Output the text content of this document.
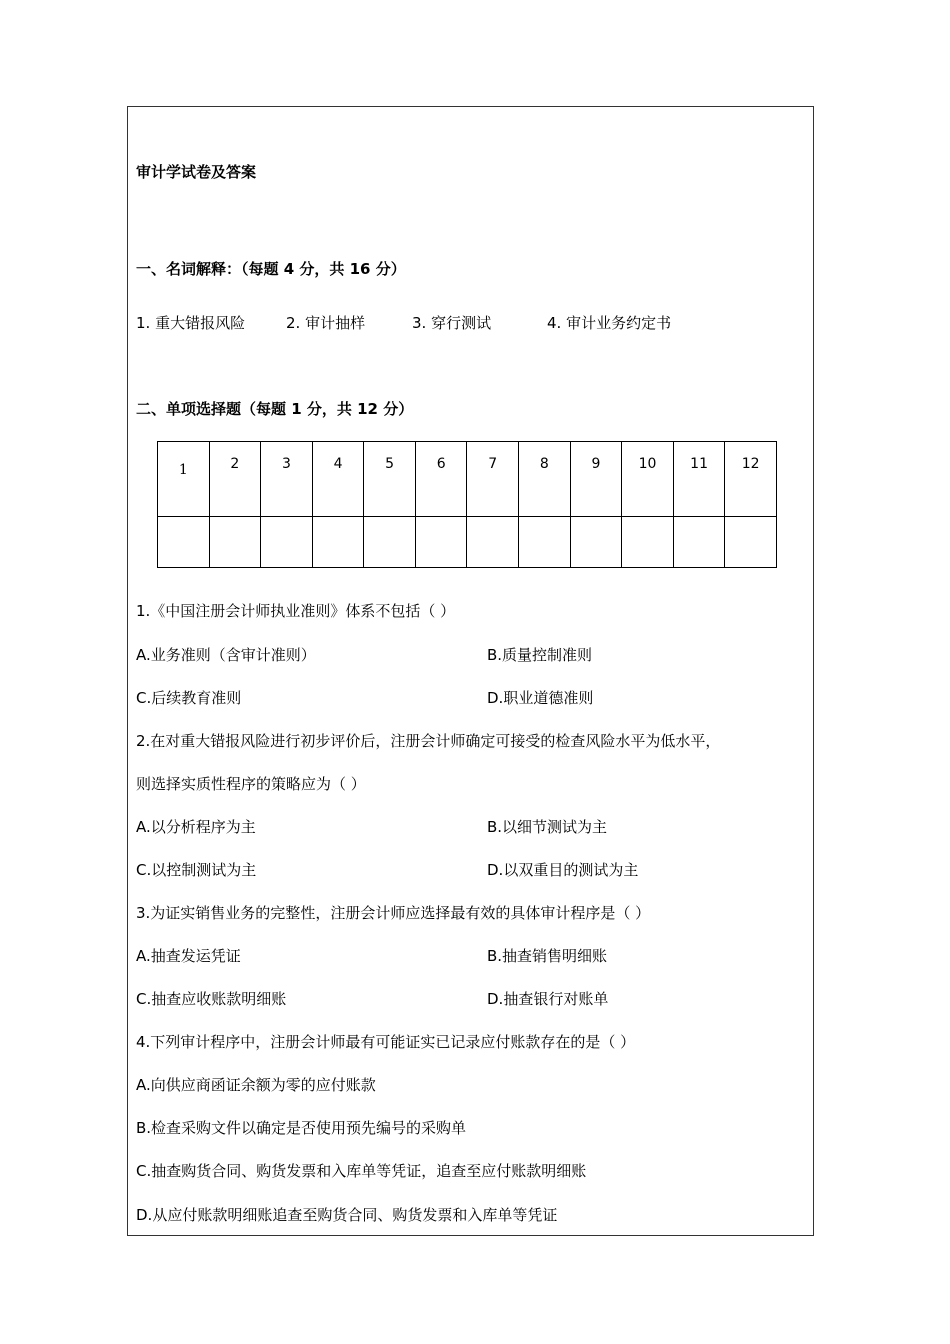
审计学试卷及答案
一、名词解释：（每题 4 分，共 16 分）
1. 重大错报风险	2. 审计抽样	3. 穿行测试	4. 审计业务约定书
二、单项选择题（每题 1 分，共 12 分）
1	2	3	4	5	6	7	8	9	10	11	12

1.《中国注册会计师执业准则》体系不包括（ ）
A.业务准则（含审计准则）	B.质量控制准则
C.后续教育准则	D.职业道德准则
2.在对重大错报风险进行初步评价后，注册会计师确定可接受的检查风险水平为低水平，
则选择实质性程序的策略应为（ ）
A.以分析程序为主	B.以细节测试为主
C.以控制测试为主	D.以双重目的测试为主
3.为证实销售业务的完整性，注册会计师应选择最有效的具体审计程序是（ ）
A.抽查发运凭证	B.抽查销售明细账
C.抽查应收账款明细账	D.抽查银行对账单
4.下列审计程序中，注册会计师最有可能证实已记录应付账款存在的是（ ）
A.向供应商函证余额为零的应付账款
B.检查采购文件以确定是否使用预先编号的采购单
C.抽查购货合同、购货发票和入库单等凭证，追查至应付账款明细账
D.从应付账款明细账追查至购货合同、购货发票和入库单等凭证
